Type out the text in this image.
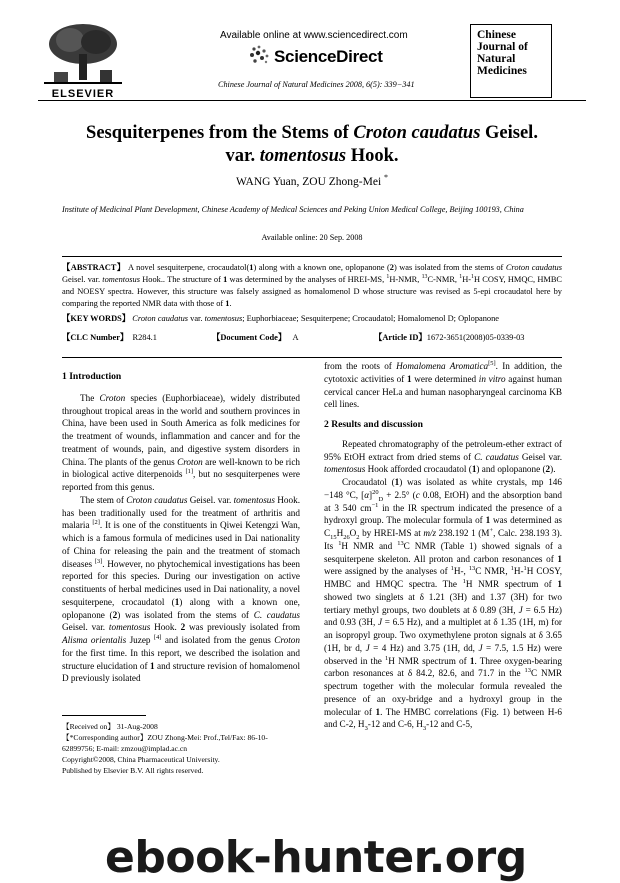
ELSEVIER
Available online at www.sciencedirect.com
ScienceDirect
Chinese Journal of Natural Medicines 2008, 6(5): 339−341
Chinese
Journal of
Natural
Medicines
Sesquiterpenes from the Stems of Croton caudatus Geisel.
var. tomentosus Hook.
WANG Yuan, ZOU Zhong-Mei *
Institute of Medicinal Plant Development, Chinese Academy of Medical Sciences and Peking Union Medical College, Beijing 100193, China
Available online: 20 Sep. 2008
【ABSTRACT】 A novel sesquiterpene, crocaudatol(1) along with a known one, oplopanone (2) was isolated from the stems of Croton caudatus Geisel. var. tomentosus Hook.. The structure of 1 was determined by the analyses of HREI-MS, $^1$H-NMR, $^{13}$C-NMR, $^1$H-$^1$H COSY, HMQC, HMBC and NOESY spectra. However, this structure was falsely assigned as homalomenol D whose structure was revised as 5-epi crocaudatol here by comparing the reported NMR data with those of 1.
【KEY WORDS】 Croton caudatus var. tomentosus; Euphorbiaceae; Sesquiterpene; Crocaudatol; Homalomenol D; Oplopanone
【CLC Number】 R284.1	【Document Code】 A	【Article ID】1672-3651(2008)05-0339-03

1 Introduction

The Croton species (Euphorbiaceae), widely distributed throughout tropical areas in the world and southern provinces in China, have been used in South America as folk medicines for the treatment of wounds, inflammation and cancer and for the treatment of wounds, pain, and digestive system disorders in China. The plants of the genus Croton are well-known to be rich in biological active diterpenoids [1], but no sesquiterpenes were reported from this genus.

The stem of Croton caudatus Geisel. var. tomentosus Hook. has been traditionally used for the treatment of arthritis and malaria [2]. It is one of the constituents in Qiwei Ketengzi Wan, which is a famous formula of medicines used in Dai nationality of China for releasing the pain and the treatment of stomach diseases [3]. However, no phytochemical investigations has been reported for this species. During our investigation on active constituents of herbal medicines used in Dai nationality, a novel sesquiterpene, crocaudatol (1) along with a known one, oplopanone (2) was isolated from the stems of C. caudatus Geisel. var. tomentosus Hook. 2 was previously isolated from Alisma orientalis Juzep [4] and isolated from the genus Croton for the first time. In this report, we described the isolation and structure elucidation of 1 and structure revision of homalomenol D previously isolated

【Received on】 31-Aug-2008

【*Corresponding author】ZOU Zhong-Mei: Prof.,Tel/Fax: 86-10-62899756; E-mail: zmzou@implad.ac.cn

Copyright©2008, China Pharmaceutical University.

Published by Elsevier B.V. All rights reserved.

from the roots of Homalomena Aromatica[5]. In addition, the cytotoxic activities of 1 were determined in vitro against human cervical cancer HeLa and human nasopharyngeal carcinoma KB cell lines.

2 Results and discussion

Repeated chromatography of the petroleum-ether extract of 95% EtOH extract from dried stems of C. caudatus Geisel var. tomentosus Hook afforded crocaudatol (1) and oplopanone (2).

Crocaudatol (1) was isolated as white crystals, mp 146 −148 °C, $[\alpha]^{20}_D + 2.5^\circ$ (c 0.08, EtOH) and the absorption band at 3 540 $cm^{-1}$ in the IR spectrum indicated the presence of a hydroxyl group. The molecular formula of 1 was determined as $C_{15}H_{26}O_2$ by HREI-MS at m/z 238.192 1 (M+, Calc. 238.193 3). Its $^1$H NMR and $^{13}$C NMR (Table 1) showed signals of a sesquiterpene skeleton. All proton and carbon resonances of 1 were assigned by the analyses of $^1$H-, $^{13}$C NMR, $^1$H-$^1$H COSY, HMBC and HMQC spectra. The $^1$H NMR spectrum of 1 showed two singlets at δ 1.21 (3H) and 1.37 (3H) for two tertiary methyl groups, two doublets at δ 0.89 (3H, J = 6.5 Hz) and 0.93 (3H, J = 6.5 Hz), and a multiplet at δ 1.35 (1H, m) for an isopropyl group. Two oxymethylene proton signals at δ 3.65 (1H, br d, J = 4 Hz) and 3.75 (1H, dd, J = 7.5, 1.5 Hz) were observed in the $^1$H NMR spectrum of 1. Three oxygen-bearing carbon resonances at δ 84.2, 82.6, and 71.7 in the $^{13}$C NMR spectrum together with the molecular formula revealed the presence of an oxy-bridge and a hydroxyl group in the molecular of 1. The HMBC correlations (Fig. 1) between H-6 and C-2, $H_3-12$ and C-6, $H_3-12$ and C-5,

ebook-hunter.org
